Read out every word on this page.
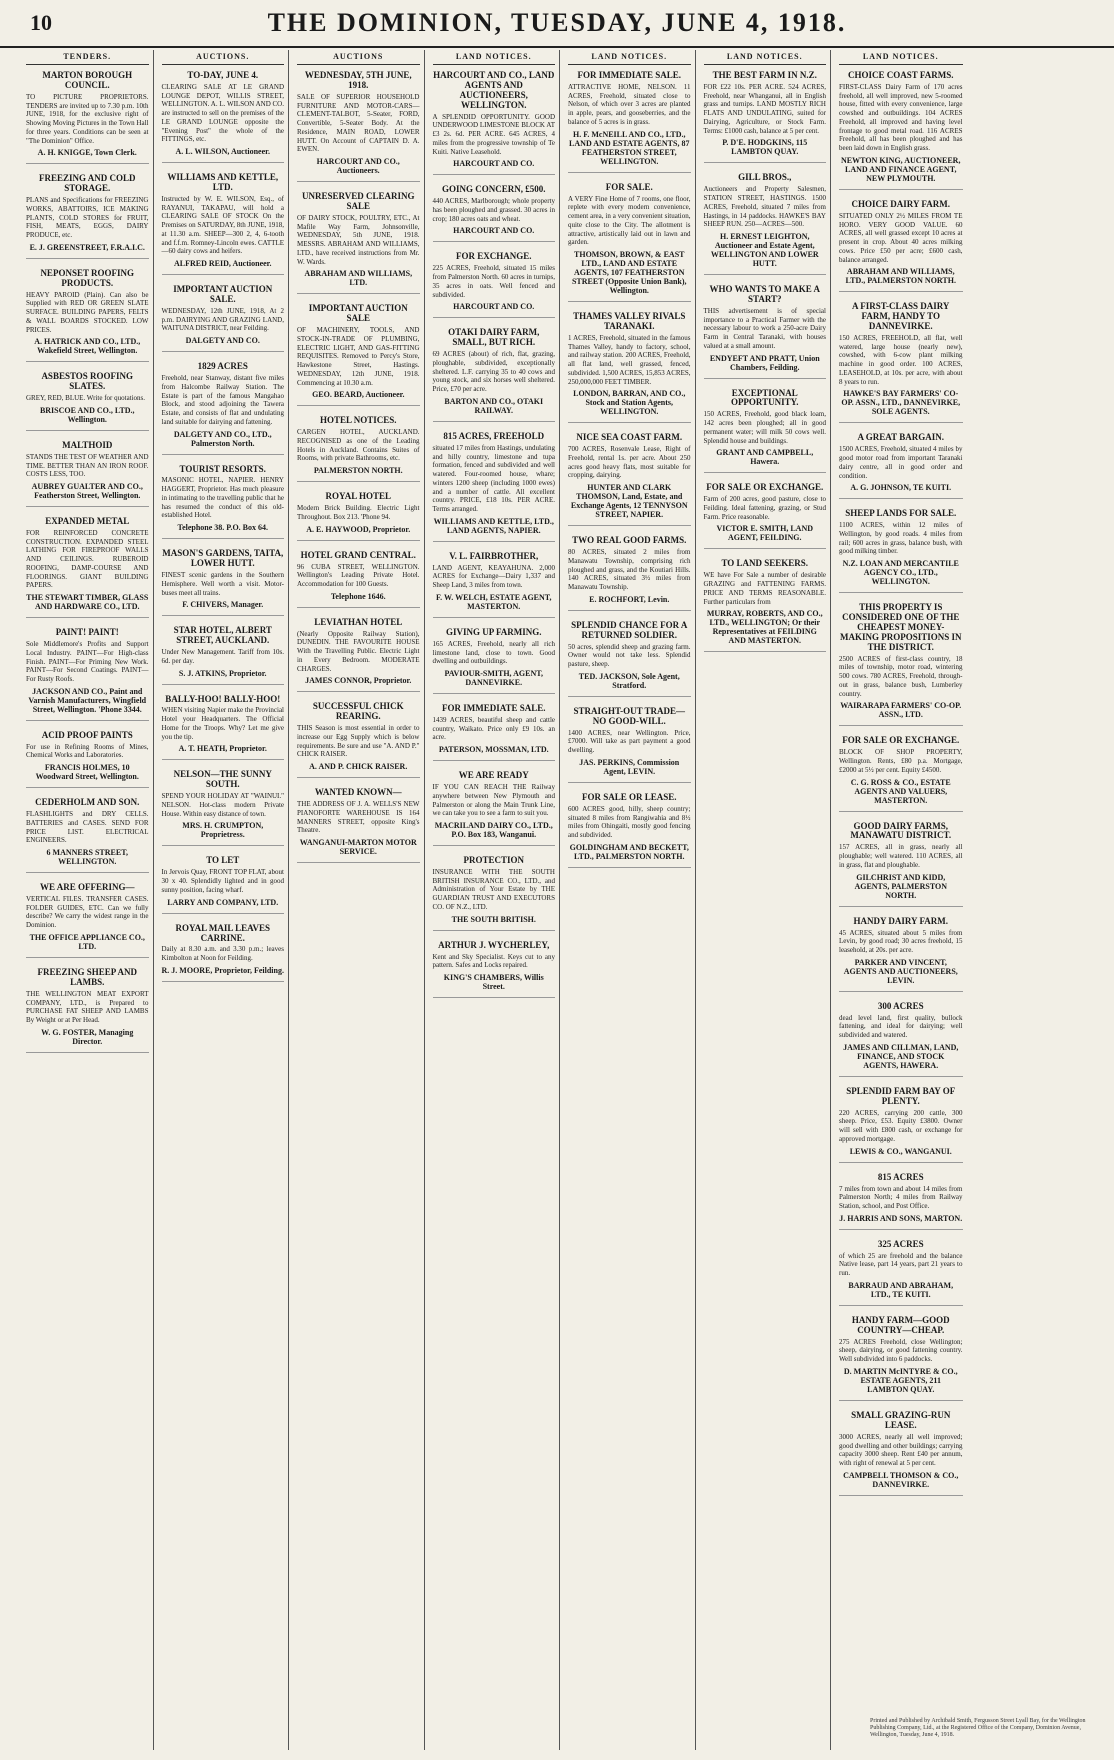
10	THE DOMINION, TUESDAY, JUNE 4, 1918.
TENDERS.
MARTON BOROUGH COUNCIL.

TO PICTURE PROPRIETORS. TENDERS are invited up to 7.30 p.m. 10th JUNE, 1918, for the exclusive right of Showing Moving Pictures in the Town Hall for three years. Conditions can be seen at "The Dominion" Office.

A. H. KNIGGE, Town Clerk.
FREEZING AND COLD STORAGE.

PLANS and Specifications for FREEZING WORKS, ABATTOIRS, ICE MAKING PLANTS, COLD STORES for FRUIT, FISH, MEATS, EGGS, DAIRY PRODUCE, etc.

E. J. GREENSTREET, F.R.A.I.C.
NEPONSET ROOFING PRODUCTS.

HEAVY PAROID (Plain). Can also be Supplied with RED OR GREEN SLATE SURFACE. BUILDING PAPERS, FELTS & WALL BOARDS STOCKED. LOW PRICES.

A. HATRICK AND CO., LTD., Wakefield Street, Wellington.
ASBESTOS ROOFING SLATES.

GREY, RED, BLUE. Write for quotations.

BRISCOE AND CO., LTD., Wellington.
MALTHOID

STANDS THE TEST OF WEATHER AND TIME. BETTER THAN AN IRON ROOF. COSTS LESS, TOO.

AUBREY GUALTER AND CO., Featherston Street, Wellington.
EXPANDED METAL

FOR REINFORCED CONCRETE CONSTRUCTION. EXPANDED STEEL LATHING FOR FIREPROOF WALLS AND CEILINGS. RUBEROID ROOFING, DAMP-COURSE AND FLOORINGS. GIANT BUILDING PAPERS.

THE STEWART TIMBER, GLASS AND HARDWARE CO., LTD.
PAINT! PAINT!

Sole Middlemore's Profits and Support Local Industry. PAINT—For High-class Finish. PAINT—For Priming New Work. PAINT—For Second Coatings. PAINT—For Rusty Roofs.

JACKSON AND CO., Paint and Varnish Manufacturers, Wingfield Street, Wellington. 'Phone 3344.
ACID PROOF PAINTS

For use in Refining Rooms of Mines, Chemical Works and Laboratories.

FRANCIS HOLMES, 10 Woodward Street, Wellington.
CEDERHOLM AND SON.

FLASHLIGHTS and DRY CELLS. BATTERIES and CASES. SEND FOR PRICE LIST. ELECTRICAL ENGINEERS.

6 MANNERS STREET, WELLINGTON.
WE ARE OFFERING—

VERTICAL FILES. TRANSFER CASES. FOLDER GUIDES, ETC. Can we fully describe? We carry the widest range in the Dominion.

THE OFFICE APPLIANCE CO., LTD.
FREEZING SHEEP AND LAMBS.

THE WELLINGTON MEAT EXPORT COMPANY, LTD., is Prepared to PURCHASE FAT SHEEP AND LAMBS By Weight or at Per Head.

W. G. FOSTER, Managing Director.
AUCTIONS.
TO-DAY, JUNE 4.

CLEARING SALE AT LE GRAND LOUNGE DEPOT, WILLIS STREET, WELLINGTON. A. L. WILSON AND CO. are instructed to sell on the premises of the LE GRAND LOUNGE opposite the "Evening Post" the whole of the FITTINGS, etc.

A. L. WILSON, Auctioneer.
WILLIAMS AND KETTLE, LTD.

Instructed by W. E. WILSON, Esq., of RAYANUI, TAKAPAU, will hold a CLEARING SALE OF STOCK On the Premises on SATURDAY, 8th JUNE, 1918, at 11.30 a.m. SHEEP—300 2, 4, 6-tooth and f.f.m. Romney-Lincoln ewes. CATTLE—60 dairy cows and heifers.

ALFRED REID, Auctioneer.
IMPORTANT AUCTION SALE.

WEDNESDAY, 12th JUNE, 1918, At 2 p.m. DAIRYING AND GRAZING LAND, WAITUNA DISTRICT, near Feilding.

DALGETY AND CO.
1829 ACRES

Freehold, near Stanway, distant five miles from Halcombe Railway Station. The Estate is part of the famous Mangahao Block, and stood adjoining the Tawera Estate, and consists of flat and undulating land suitable for dairying and fattening.

DALGETY AND CO., LTD., Palmerston North.
TOURIST RESORTS.

MASONIC HOTEL, NAPIER. HENRY HAGGERT, Proprietor. Has much pleasure in intimating to the travelling public that he has resumed the conduct of this old-established Hotel.

Telephone 38. P.O. Box 64.
MASON'S GARDENS, TAITA, LOWER HUTT.

FINEST scenic gardens in the Southern Hemisphere. Well worth a visit. Motor-buses meet all trains.

F. CHIVERS, Manager.
STAR HOTEL, ALBERT STREET, AUCKLAND.

Under New Management. Tariff from 10s. 6d. per day.

S. J. ATKINS, Proprietor.
BALLY-HOO! BALLY-HOO!

WHEN visiting Napier make the Provincial Hotel your Headquarters. The Official Home for the Troops. Why? Let me give you the tip.

A. T. HEATH, Proprietor.
NELSON—THE SUNNY SOUTH.

SPEND YOUR HOLIDAY AT "WAINUI." NELSON. Hot-class modern Private House. Within easy distance of town.

MRS. H. CRUMPTON, Proprietress.
TO LET

In Jervois Quay, FRONT TOP FLAT, about 30 x 40. Splendidly lighted and in good sunny position, facing wharf.

LARRY AND COMPANY, LTD.
ROYAL MAIL LEAVES CARRINE.

Daily at 8.30 a.m. and 3.30 p.m.; leaves Kimbolton at Noon for Feilding.

R. J. MOORE, Proprietor, Feilding.
AUCTIONS
WEDNESDAY, 5TH JUNE, 1918.

SALE OF SUPERIOR HOUSEHOLD FURNITURE AND MOTOR-CARS—CLEMENT-TALBOT, 5-Seater, FORD, Convertible, 5-Seater Body. At the Residence, MAIN ROAD, LOWER HUTT. On Account of CAPTAIN D. A. EWEN.

HARCOURT AND CO., Auctioneers.
UNRESERVED CLEARING SALE

OF DAIRY STOCK, POULTRY, ETC., At Mafile Way Farm, Johnsonville, WEDNESDAY, 5th JUNE, 1918. MESSRS. ABRAHAM AND WILLIAMS, LTD., have received instructions from Mr. W. Wards.

ABRAHAM AND WILLIAMS, LTD.
IMPORTANT AUCTION SALE

OF MACHINERY, TOOLS, AND STOCK-IN-TRADE OF PLUMBING, ELECTRIC LIGHT, AND GAS-FITTING REQUISITES. Removed to Percy's Store, Hawkestone Street, Hastings. WEDNESDAY, 12th JUNE, 1918. Commencing at 10.30 a.m.

GEO. BEARD, Auctioneer.
HOTEL NOTICES.

CARGEN HOTEL, AUCKLAND. RECOGNISED as one of the Leading Hotels in Auckland. Contains Suites of Rooms, with private Bathrooms, etc.

PALMERSTON NORTH.
ROYAL HOTEL

Modern Brick Building. Electric Light Throughout. Box 213. 'Phone 94.

A. E. HAYWOOD, Proprietor.
HOTEL GRAND CENTRAL.

96 CUBA STREET, WELLINGTON. Wellington's Leading Private Hotel. Accommodation for 100 Guests.

Telephone 1646.
LEVIATHAN HOTEL

(Nearly Opposite Railway Station), DUNEDIN. THE FAVOURITE HOUSE With the Travelling Public. Electric Light in Every Bedroom. MODERATE CHARGES.

JAMES CONNOR, Proprietor.
SUCCESSFUL CHICK REARING.

THIS Season is most essential in order to increase our Egg Supply which is below requirements. Be sure and use "A. AND P." CHICK RAISER.

A. AND P. CHICK RAISER.
WANTED KNOWN—

THE ADDRESS OF J. A. WELLS'S NEW PIANOFORTE WAREHOUSE IS 164 MANNERS STREET, opposite King's Theatre.

WANGANUI-MARTON MOTOR SERVICE.
LAND NOTICES.
HARCOURT AND CO., LAND AGENTS AND AUCTIONEERS, WELLINGTON.

A SPLENDID OPPORTUNITY. GOOD UNDERWOOD LIMESTONE BLOCK AT £3 2s. 6d. PER ACRE. 645 ACRES, 4 miles from the progressive township of Te Kuiti. Native Leasehold.

HARCOURT AND CO.
GOING CONCERN, £500.

440 ACRES, Marlborough; whole property has been ploughed and grassed. 30 acres in crop; 180 acres oats and wheat.

HARCOURT AND CO.
FOR EXCHANGE.

225 ACRES, Freehold, situated 15 miles from Palmerston North. 60 acres in turnips, 35 acres in oats. Well fenced and subdivided.

HARCOURT AND CO.
OTAKI DAIRY FARM, SMALL, BUT RICH.

69 ACRES (about) of rich, flat, grazing, ploughable, subdivided, exceptionally sheltered. L.F. carrying 35 to 40 cows and young stock, and six horses well sheltered. Price, £70 per acre.

BARTON AND CO., OTAKI RAILWAY.
815 ACRES, FREEHOLD

situated 17 miles from Hastings, undulating and hilly country, limestone and tupa formation, fenced and subdivided and well watered. Four-roomed house, whare; winters 1200 sheep (including 1000 ewes) and a number of cattle. All excellent country. PRICE, £18 10s. PER ACRE. Terms arranged.

WILLIAMS AND KETTLE, LTD., LAND AGENTS, NAPIER.
V. L. FAIRBROTHER,

LAND AGENT, KEAYAHUNA. 2,000 ACRES for Exchange—Dairy 1,337 and Sheep Land, 3 miles from town.

F. W. WELCH, ESTATE AGENT, MASTERTON.
GIVING UP FARMING.

165 ACRES, Freehold, nearly all rich limestone land, close to town. Good dwelling and outbuildings.

PAVIOUR-SMITH, AGENT, DANNEVIRKE.
FOR IMMEDIATE SALE.

1439 ACRES, beautiful sheep and cattle country, Waikato. Price only £9 10s. an acre.

PATERSON, MOSSMAN, LTD.
WE ARE READY

IF YOU CAN REACH THE Railway anywhere between New Plymouth and Palmerston or along the Main Trunk Line, we can take you to see a farm to suit you.

MACRILAND DAIRY CO., LTD., P.O. Box 183, Wanganui.
PROTECTION

INSURANCE WITH THE SOUTH BRITISH INSURANCE CO., LTD., and Administration of Your Estate by THE GUARDIAN TRUST AND EXECUTORS CO. OF N.Z., LTD.

THE SOUTH BRITISH.
ARTHUR J. WYCHERLEY,

Kent and Sky Specialist. Keys cut to any pattern. Safes and Locks repaired.

KING'S CHAMBERS, Willis Street.
LAND NOTICES.
FOR IMMEDIATE SALE.

ATTRACTIVE HOME, NELSON. 11 ACRES, Freehold, situated close to Nelson, of which over 3 acres are planted in apple, pears, and gooseberries, and the balance of 5 acres is in grass.

H. F. McNEILL AND CO., LTD., LAND AND ESTATE AGENTS, 87 FEATHERSTON STREET, WELLINGTON.
FOR SALE.

A VERY Fine Home of 7 rooms, one floor, replete with every modern convenience, cement area, in a very convenient situation, quite close to the City. The allotment is attractive, artistically laid out in lawn and garden.

THOMSON, BROWN, & EAST LTD., LAND AND ESTATE AGENTS, 107 FEATHERSTON STREET (Opposite Union Bank), Wellington.
THAMES VALLEY RIVALS TARANAKI.

1 ACRES, Freehold, situated in the famous Thames Valley, handy to factory, school, and railway station. 200 ACRES, Freehold, all flat land, well grassed, fenced, subdivided. 1,500 ACRES, 15,853 ACRES, 250,000,000 FEET TIMBER.

LONDON, BARRAN, AND CO., Stock and Station Agents, WELLINGTON.
NICE SEA COAST FARM.

700 ACRES, Rosenvale Lease, Right of Freehold, rental 1s. per acre. About 250 acres good heavy flats, most suitable for cropping, dairying.

HUNTER AND CLARK THOMSON, Land, Estate, and Exchange Agents, 12 TENNYSON STREET, NAPIER.
TWO REAL GOOD FARMS.

80 ACRES, situated 2 miles from Manawatu Township, comprising rich ploughed and grass, and the Koutiari Hills. 140 ACRES, situated 3½ miles from Manawatu Township.

E. ROCHFORT, Levin.
SPLENDID CHANCE FOR A RETURNED SOLDIER.

50 acres, splendid sheep and grazing farm. Owner would not take less. Splendid pasture, sheep.

TED. JACKSON, Sole Agent, Stratford.
STRAIGHT-OUT TRADE—NO GOOD-WILL.

1400 ACRES, near Wellington. Price, £7000. Will take as part payment a good dwelling.

JAS. PERKINS, Commission Agent, LEVIN.
FOR SALE OR LEASE.

600 ACRES good, hilly, sheep country; situated 8 miles from Rangiwahia and 8½ miles from Ohingaiti, mostly good fencing and subdivided.

GOLDINGHAM AND BECKETT, LTD., PALMERSTON NORTH.
LAND NOTICES.
THE BEST FARM IN N.Z.

FOR £22 10s. PER ACRE. 524 ACRES, Freehold, near Whanganui, all in English grass and turnips. LAND MOSTLY RICH FLATS AND UNDULATING, suited for Dairying, Agriculture, or Stock Farm. Terms: £1000 cash, balance at 5 per cent.

P. D'E. HODGKINS, 115 LAMBTON QUAY.
GILL BROS.,

Auctioneers and Property Salesmen, STATION STREET, HASTINGS. 1500 ACRES, Freehold, situated 7 miles from Hastings, in 14 paddocks. HAWKE'S BAY SHEEP RUN. 250—ACRES—500.

H. ERNEST LEIGHTON, Auctioneer and Estate Agent, WELLINGTON AND LOWER HUTT.
WHO WANTS TO MAKE A START?

THIS advertisement is of special importance to a Practical Farmer with the necessary labour to work a 250-acre Dairy Farm in Central Taranaki, with houses valued at a small amount.

ENDYEFT AND PRATT, Union Chambers, Feilding.
EXCEPTIONAL OPPORTUNITY.

150 ACRES, Freehold, good black loam, 142 acres been ploughed; all in good permanent water; will milk 50 cows well. Splendid house and buildings.

GRANT AND CAMPBELL, Hawera.
FOR SALE OR EXCHANGE.

Farm of 200 acres, good pasture, close to Feilding. Ideal fattening, grazing, or Stud Farm. Price reasonable.

VICTOR E. SMITH, LAND AGENT, FEILDING.
TO LAND SEEKERS.

WE have For Sale a number of desirable GRAZING and FATTENING FARMS. PRICE AND TERMS REASONABLE. Further particulars from

MURRAY, ROBERTS, AND CO., LTD., WELLINGTON; Or their Representatives at FEILDING AND MASTERTON.
LAND NOTICES.
CHOICE COAST FARMS.

FIRST-CLASS Dairy Farm of 170 acres freehold, all well improved, new 5-roomed house, fitted with every convenience, large cowshed and outbuildings. 104 ACRES Freehold, all improved and having level frontage to good metal road. 116 ACRES Freehold, all has been ploughed and has been laid down in English grass.

NEWTON KING, AUCTIONEER, LAND AND FINANCE AGENT, NEW PLYMOUTH.
CHOICE DAIRY FARM.

SITUATED ONLY 2½ MILES FROM TE HORO. VERY GOOD VALUE. 60 ACRES, all well grassed except 10 acres at present in crop. About 40 acres milking cows. Price £50 per acre; £600 cash, balance arranged.

ABRAHAM AND WILLIAMS, LTD., PALMERSTON NORTH.
A FIRST-CLASS DAIRY FARM, HANDY TO DANNEVIRKE.

150 ACRES, FREEHOLD, all flat, well watered, large house (nearly new), cowshed, with 6-cow plant milking machine in good order. 100 ACRES, LEASEHOLD, at 10s. per acre, with about 8 years to run.

HAWKE'S BAY FARMERS' CO-OP. ASSN., LTD., DANNEVIRKE, SOLE AGENTS.
A GREAT BARGAIN.

1500 ACRES, Freehold, situated 4 miles by good motor road from important Taranaki dairy centre, all in good order and condition.

A. G. JOHNSON, TE KUITI.
SHEEP LANDS FOR SALE.

1100 ACRES, within 12 miles of Wellington, by good roads. 4 miles from rail; 600 acres in grass, balance bush, with good milking timber.

N.Z. LOAN AND MERCANTILE AGENCY CO., LTD., WELLINGTON.
THIS PROPERTY IS CONSIDERED ONE OF THE CHEAPEST MONEY-MAKING PROPOSITIONS IN THE DISTRICT.

2500 ACRES of first-class country, 18 miles of township, motor road, wintering 500 cows. 780 ACRES, Freehold, through-out in grass, balance bush, Lumberley country.

WAIRARAPA FARMERS' CO-OP. ASSN., LTD.
FOR SALE OR EXCHANGE.

BLOCK OF SHOP PROPERTY, Wellington. Rents, £80 p.a. Mortgage, £2000 at 5½ per cent. Equity £4500.

C. G. ROSS & CO., ESTATE AGENTS AND VALUERS, MASTERTON.
GOOD DAIRY FARMS, MANAWATU DISTRICT.

157 ACRES, all in grass, nearly all ploughable; well watered. 110 ACRES, all in grass, flat and ploughable.

GILCHRIST AND KIDD, AGENTS, PALMERSTON NORTH.
HANDY DAIRY FARM.

45 ACRES, situated about 5 miles from Levin, by good road; 30 acres freehold, 15 leasehold, at 20s. per acre.

PARKER AND VINCENT, AGENTS AND AUCTIONEERS, LEVIN.
300 ACRES

dead level land, first quality, bullock fattening, and ideal for dairying; well subdivided and watered.

JAMES AND CILLMAN, LAND, FINANCE, AND STOCK AGENTS, HAWERA.
SPLENDID FARM BAY OF PLENTY.

220 ACRES, carrying 200 cattle, 300 sheep. Price, £53. Equity £3800. Owner will sell with £800 cash, or exchange for approved mortgage.

LEWIS & CO., WANGANUI.
815 ACRES

7 miles from town and about 14 miles from Palmerston North; 4 miles from Railway Station, school, and Post Office.

J. HARRIS AND SONS, MARTON.
325 ACRES

of which 25 are freehold and the balance Native lease, part 14 years, part 21 years to run.

BARRAUD AND ABRAHAM, LTD., TE KUITI.
HANDY FARM—GOOD COUNTRY—CHEAP.

275 ACRES Freehold, close Wellington; sheep, dairying, or good fattening country. Well subdivided into 6 paddocks.

D. MARTIN McINTYRE & CO., ESTATE AGENTS, 211 LAMBTON QUAY.
SMALL GRAZING-RUN LEASE.

3000 ACRES, nearly all well improved; good dwelling and other buildings; carrying capacity 3000 sheep. Rent £40 per annum, with right of renewal at 5 per cent.

CAMPBELL THOMSON & CO., DANNEVIRKE.
Printed and Published by Archibald Smith, Fergusson Street Lyall Bay, for the Wellington Publishing Company, Ltd., at the Registered Office of the Company, Dominion Avenue, Wellington, Tuesday, June 4, 1918.
